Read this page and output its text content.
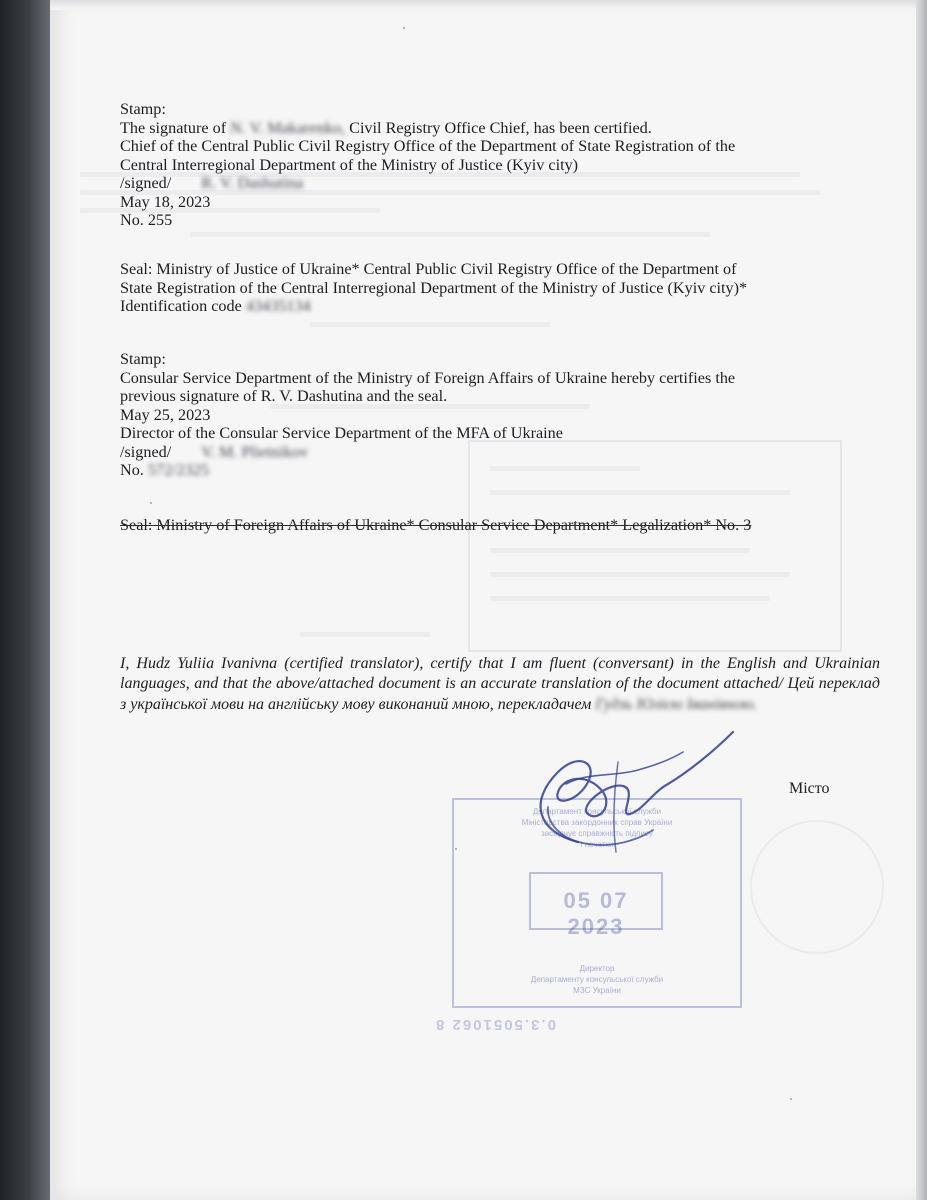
Департамент консульської служби
Міністерства закордонних справ України
засвідчує справжність підпису
і печатки
05 07 2023
Директор
Департаменту консульської служби
МЗС України
0.3.5051062 8

Stamp:

The signature of N. V. Makarenko, Civil Registry Office Chief, has been certified.

Chief of the Central Public Civil Registry Office of the Department of State Registration of the

Central Interregional Department of the Ministry of Justice (Kyiv city)

/signed/ R. V. Dashutina

May 18, 2023

No. 255

Seal: Ministry of Justice of Ukraine* Central Public Civil Registry Office of the Department of

State Registration of the Central Interregional Department of the Ministry of Justice (Kyiv city)*

Identification code 43435134

Stamp:

Consular Service Department of the Ministry of Foreign Affairs of Ukraine hereby certifies the

previous signature of R. V. Dashutina and the seal.

May 25, 2023

Director of the Consular Service Department of the MFA of Ukraine

/signed/ V. M. Plietnikov

No. 572/2325

Seal: Ministry of Foreign Affairs of Ukraine* Consular Service Department* Legalization* No. 3

I, Hudz Yuliia Ivanivna (certified translator), certify that I am fluent (conversant) in the English and Ukrainian languages, and that the above/attached document is an accurate translation of the document attached/ Цей переклад з української мови на англійську мову виконаний мною, перекладачем Гудзь Юлією Іванівною.
Місто
